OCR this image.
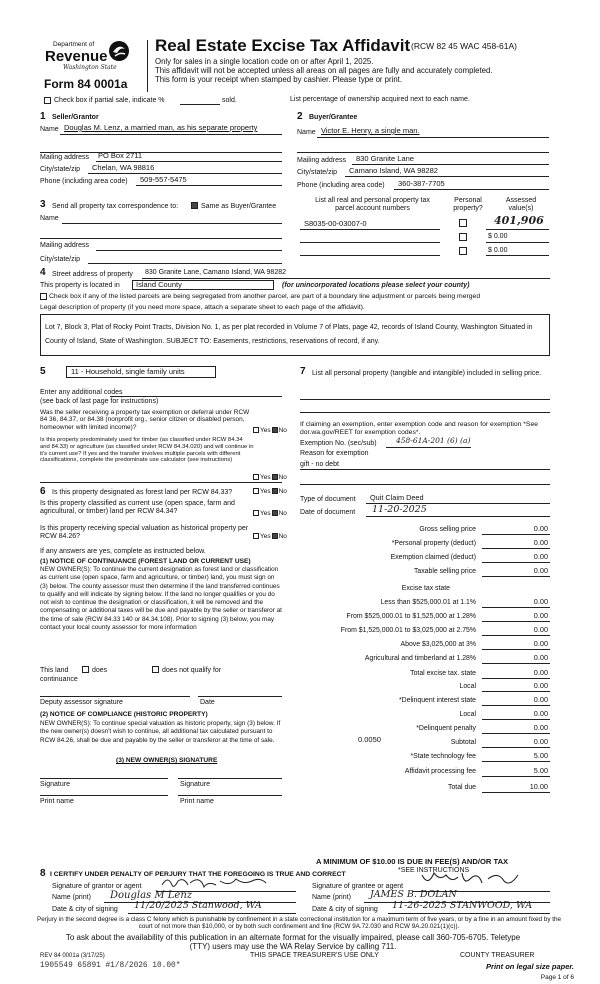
Department of
Revenue
Washington State
Form 84 0001a
Real Estate Excise Tax Affidavit (RCW 82 45 WAC 458-61A)
Only for sales in a single location code on or after April 1, 2025.
This affidavit will not be accepted unless all areas on all pages are fully and accurately completed.
This form is your receipt when stamped by cashier. Please type or print.
Check box if partial sale, indicate %	sold.	List percentage of ownership acquired next to each name.
1 Seller/Grantor
Name Douglas M. Lenz, a married man, as his separate property
Mailing address PO Box 2711
City/state/zip Chelan, WA 98816
Phone (including area code) 509-557-5475
2 Buyer/Grantee
Name Victor E. Henry, a single man.
Mailing address 830 Granite Lane
City/state/zip Camano Island, WA 98282
Phone (including area code) 360-387-7705
3 Send all property tax correspondence to:	Same as Buyer/Grantee
Name
Mailing address
City/state/zip
List all real and personal property tax parcel account numbers
Personal property?
Assessed value(s)
S8035-00-03007-0	401,906
$ 0.00
$ 0.00
4 Street address of property 830 Granite Lane, Camano Island, WA 98282
This property is located in	Island County	(for unincorporated locations please select your county)
Check box if any of the listed parcels are being segregated from another parcel, are part of a boundary line adjustment or parcels being merged
Legal description of property (if you need more space, attach a separate sheet to each page of the affidavit).
Lot 7, Block 3, Plat of Rocky Point Tracts, Division No. 1, as per plat recorded in Volume 7 of Plats, page 42, records of Island County, Washington Situated in County of Island, State of Washington. SUBJECT TO: Easements, restrictions, reservations of record, if any.
5	11 - Household, single family units
Enter any additional codes
(see back of last page for instructions)
Was the seller receiving a property tax exemption or deferral under RCW 84 36, 84.37, or 84.38 (nonprofit org., senior citizen or disabled person, homeowner with limited income)?	Yes No
Is this property predominately used for timber (as classified under RCW 84.34 and 84.33) or agriculture (as classified under RCW 84.34.020) and will continue in it's current use? If yes and the transfer involves multiple parcels with different classifications, complete the predominate use calculator (see instructions)
Yes No
6 Is this property designated as forest land per RCW 84.33?	Yes No
Is this property classified as current use (open space, farm and agricultural, or timber) land per RCW 84.34?	Yes No
Is this property receiving special valuation as historical property per RCW 84.26?	Yes No
If any answers are yes, complete as instructed below.
(1) NOTICE OF CONTINUANCE (FOREST LAND OR CURRENT USE)
NEW OWNER(S): To continue the current designation as forest land or classification as current use (open space, farm and agriculture, or timber) land, you must sign on (3) below. The county assessor must then determine if the land transferred continues to qualify and will indicate by signing below. If the land no longer qualifies or you do not wish to continue the designation or classification, it will be removed and the compensating or additional taxes will be due and payable by the seller or transferor at the time of sale (RCW 84.33 140 or 84.34.108). Prior to signing (3) below, you may contact your local county assessor for more information
This land	does	does not qualify for
continuance
Deputy assessor signature	Date
(2) NOTICE OF COMPLIANCE (HISTORIC PROPERTY)
NEW OWNER(S): To continue special valuation as historic property, sign (3) below. If the new owner(s) doesn't wish to continue, all additional tax calculated pursuant to RCW 84.26, shall be due and payable by the seller or transferor at the time of sale.
(3) NEW OWNER(S) SIGNATURE
Signature	Signature
Print name	Print name
7 List all personal property (tangible and intangible) included in selling price.
If claiming an exemption, enter exemption code and reason for exemption *See dor.wa.gov/REET for exemption codes*.
Exemption No. (sec/sub)	458-61A-201 (6) (a)
Reason for exemption
gift - no debt
Type of document Quit Claim Deed
Date of document 11-20-2025
Gross selling price	0.00
*Personal property (deduct)	0.00
Exemption claimed (deduct)	0.00
Taxable selling price	0.00
Excise tax state
Less than $525,000.01 at 1.1%	0.00
From $525,000.01 to $1,525,000 at 1.28%	0.00
From $1,525,000.01 to $3,025,000 at 2.75%	0.00
Above $3,025,000 at 3%	0.00
Agricultural and timberland at 1.28%	0.00
Total excise tax. state	0.00
Local	0.00
*Delinquent interest state	0.00
Local	0.00
*Delinquent penalty	0.00
Subtotal	0.00
*State technology fee	5.00
Affidavit processing fee	5.00
Total due	10.00
0.0050
A MINIMUM OF $10.00 IS DUE IN FEE(S) AND/OR TAX
*SEE INSTRUCTIONS
8 I CERTIFY UNDER PENALTY OF PERJURY THAT THE FOREGOING IS TRUE AND CORRECT
Signature of grantor or agent
Name (print) Douglas M Lenz
Date & city of signing 11/20/2025 Stanwood, WA
Signature of grantee or agent
Name (print) JAMES B. DOLAN
Date & city of signing 11-26-2025 STANWOOD, WA
Perjury in the second degree is a class C felony which is punishable by confinement in a state correctional institution for a maximum term of five years, or by a fine in an amount fixed by the court of not more than $10,000, or by both such confinement and fine (RCW 9A.72.030 and RCW 9A.20.021(1)(c)).
To ask about the availability of this publication in an alternate format for the visually impaired, please call 360-705-6705. Teletype (TTY) users may use the WA Relay Service by calling 711.
REV 84 0001a (3/17/25)	THIS SPACE TREASURER'S USE ONLY	COUNTY TREASURER
1905549 65891 #1/8/2026 10.00*	Print on legal size paper.
Page 1 of 6
